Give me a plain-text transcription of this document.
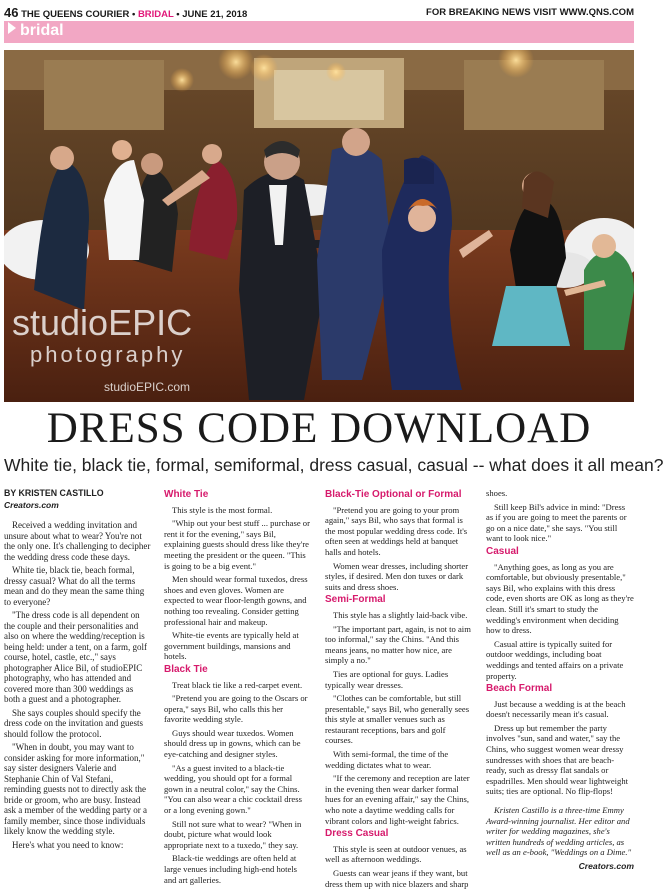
46 THE QUEENS COURIER • BRIDAL • JUNE 21, 2018	FOR BREAKING NEWS VISIT WWW.QNS.COM
bridal
studioEPIC
photography
studioEPIC.com
DRESS CODE DOWNLOAD
White tie, black tie, formal, semiformal, dress casual, casual -- what does it all mean?
BY KRISTEN CASTILLO
Creators.com

Received a wedding invitation and unsure about what to wear? You're not the only one. It's challenging to decipher the wedding dress code these days.

White tie, black tie, beach formal, dressy casual? What do all the terms mean and do they mean the same thing to everyone?

"The dress code is all dependent on the couple and their personalities and also on where the wedding/reception is being held: under a tent, on a farm, golf course, hotel, castle, etc.," says photographer Alice Bil, of studioEPIC photography, who has attended and covered more than 300 weddings as both a guest and a photographer.

She says couples should specify the dress code on the invitation and guests should follow the protocol.

"When in doubt, you may want to consider asking for more information," say sister designers Valerie and Stephanie Chin of Val Stefani, reminding guests not to directly ask the bride or groom, who are busy. Instead ask a member of the wedding party or a family member, since those individuals likely know the wedding style.

Here's what you need to know:

White Tie

This style is the most formal.

"Whip out your best stuff ... purchase or rent it for the evening," says Bil, explaining guests should dress like they're meeting the president or the queen. "This is going to be a big event."

Men should wear formal tuxedos, dress shoes and even gloves. Women are expected to wear floor-length gowns, and nothing too revealing. Consider getting professional hair and makeup.

White-tie events are typically held at government buildings, mansions and hotels.

Black Tie

Treat black tie like a red-carpet event.

"Pretend you are going to the Oscars or opera," says Bil, who calls this her favorite wedding style.

Guys should wear tuxedos. Women should dress up in gowns, which can be eye-catching and designer styles.

"As a guest invited to a black-tie wedding, you should opt for a formal gown in a neutral color," say the Chins. "You can also wear a chic cocktail dress or a long evening gown."

Still not sure what to wear? "When in doubt, picture what would look appropriate next to a tuxedo," they say.

Black-tie weddings are often held at large venues including high-end hotels and art galleries.

Black-Tie Optional or Formal

"Pretend you are going to your prom again," says Bil, who says that formal is the most popular wedding dress code. It's often seen at weddings held at banquet halls and hotels.

Women wear dresses, including shorter styles, if desired. Men don tuxes or dark suits and dress shoes.

Semi-Formal

This style has a slightly laid-back vibe.

"The important part, again, is not to aim too informal," say the Chins. "And this means jeans, no matter how nice, are simply a no."

Ties are optional for guys. Ladies typically wear dresses.

"Clothes can be comfortable, but still presentable," says Bil, who generally sees this style at smaller venues such as restaurant receptions, bars and golf courses.

With semi-formal, the time of the wedding dictates what to wear.

"If the ceremony and reception are later in the evening then wear darker formal hues for an evening affair," say the Chins, who note a daytime wedding calls for vibrant colors and light-weight fabrics.

Dress Casual

This style is seen at outdoor venues, as well as afternoon weddings.

Guests can wear jeans if they want, but dress them up with nice blazers and sharp

shoes.

Still keep Bil's advice in mind: "Dress as if you are going to meet the parents or go on a nice date," she says. "You still want to look nice."

Casual

"Anything goes, as long as you are comfortable, but obviously presentable," says Bil, who explains with this dress code, even shorts are OK as long as they're clean. Still it's smart to study the wedding's environment when deciding how to dress.

Casual attire is typically suited for outdoor weddings, including boat weddings and tented affairs on a private property.

Beach Formal

Just because a wedding is at the beach doesn't necessarily mean it's casual.

Dress up but remember the party involves "sun, sand and water," say the Chins, who suggest women wear dressy sundresses with shoes that are beach-ready, such as dressy flat sandals or espadrilles. Men should wear lightweight suits; ties are optional. No flip-flops!

Kristen Castillo is a three-time Emmy Award-winning journalist. Her editor and writer for wedding magazines, she's written hundreds of wedding articles, as well as an e-book, "Weddings on a Dime."

Creators.com
